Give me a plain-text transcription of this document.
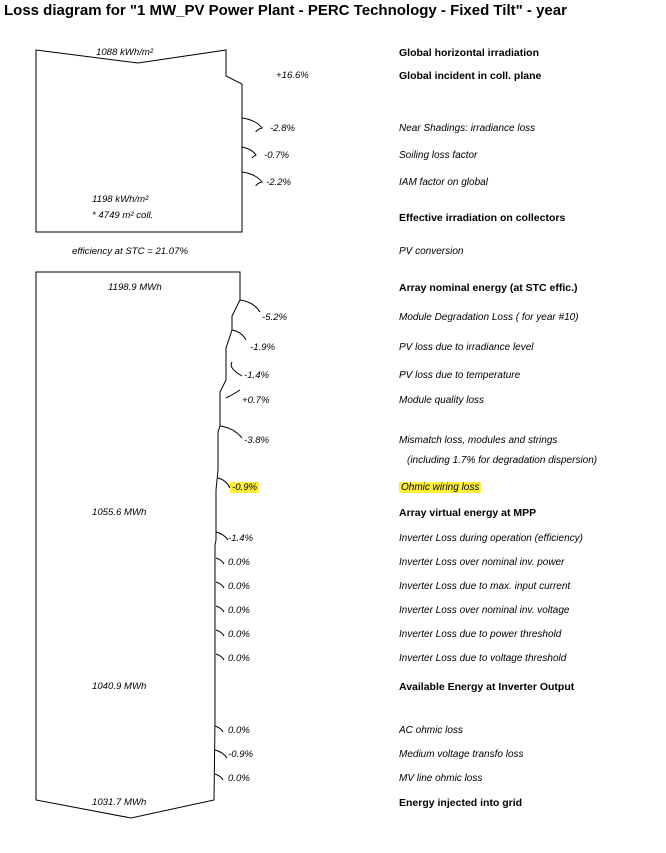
Loss diagram for "1 MW_PV Power Plant - PERC Technology - Fixed Tilt" - year
1088 kWh/m²
1198 kWh/m²
* 4749 m² coll.
efficiency at STC = 21.07%
1198.9 MWh
1055.6 MWh
1040.9 MWh
1031.7 MWh
+16.6%
-2.8%
-0.7%
-2.2%
-5.2%
-1.9%
-1.4%
+0.7%
-3.8%
-0.9%
-1.4%
0.0%
0.0%
0.0%
0.0%
0.0%
0.0%
-0.9%
0.0%
Global horizontal irradiation
Global incident in coll. plane
Near Shadings: irradiance loss
Soiling loss factor
IAM factor on global
Effective irradiation on collectors
PV conversion
Array nominal energy (at STC effic.)
Module Degradation Loss ( for year #10)
PV loss due to irradiance level
PV loss due to temperature
Module quality loss
Mismatch loss, modules and strings
(including 1.7% for degradation dispersion)
Ohmic wiring loss
Array virtual energy at MPP
Inverter Loss during operation (efficiency)
Inverter Loss over nominal inv. power
Inverter Loss due to max. input current
Inverter Loss over nominal inv. voltage
Inverter Loss due to power threshold
Inverter Loss due to voltage threshold
Available Energy at Inverter Output
AC ohmic loss
Medium voltage transfo loss
MV line ohmic loss
Energy injected into grid
